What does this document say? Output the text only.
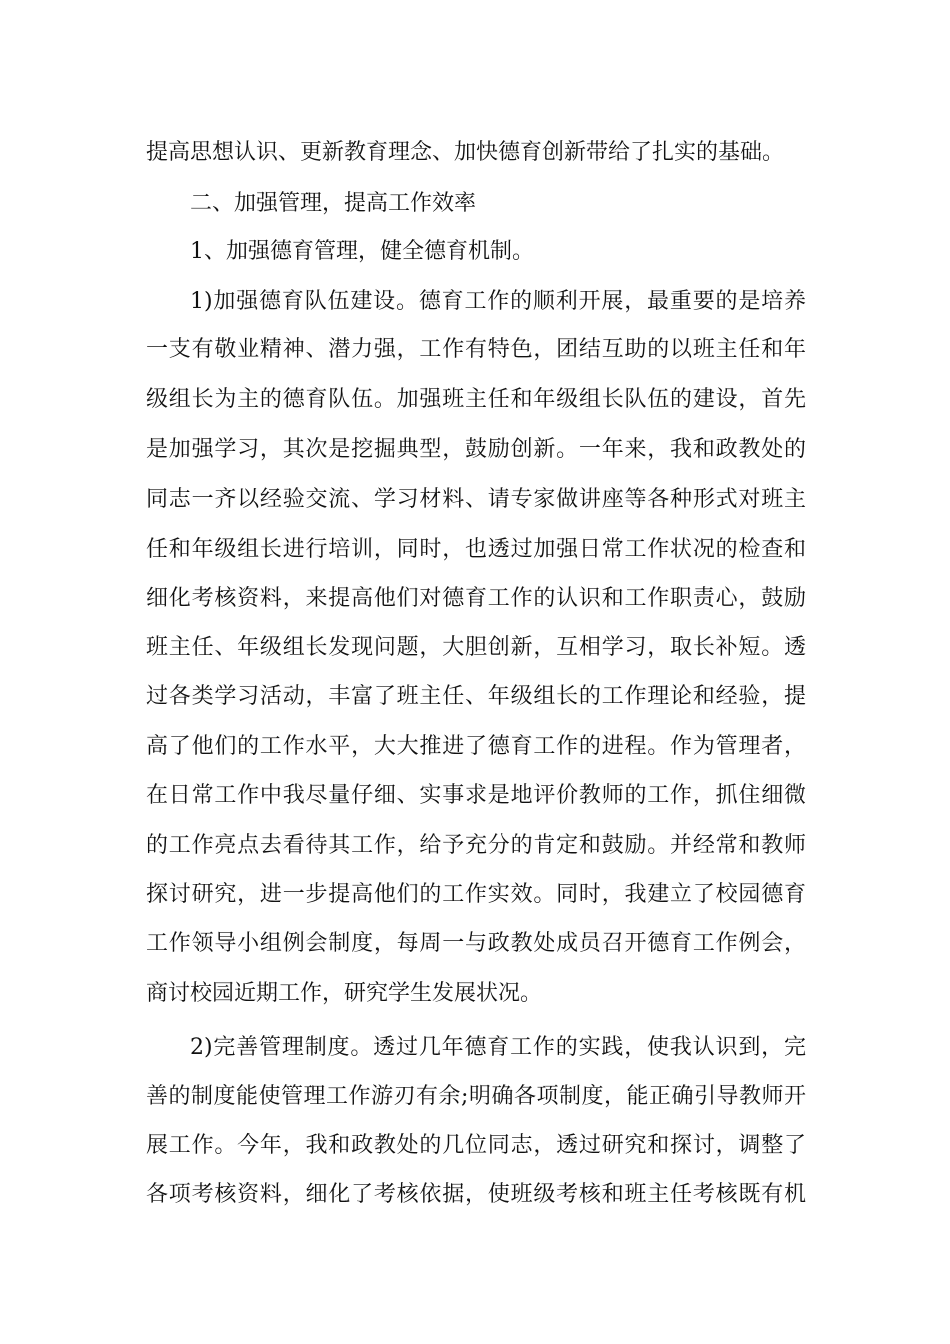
提高思想认识、更新教育理念、加快德育创新带给了扎实的基础。
二、加强管理，提高工作效率
1、加强德育管理，健全德育机制。
1)加强德育队伍建设。德育工作的顺利开展，最重要的是培养
一支有敬业精神、潜力强，工作有特色，团结互助的以班主任和年
级组长为主的德育队伍。加强班主任和年级组长队伍的建设，首先
是加强学习，其次是挖掘典型，鼓励创新。一年来，我和政教处的
同志一齐以经验交流、学习材料、请专家做讲座等各种形式对班主
任和年级组长进行培训，同时，也透过加强日常工作状况的检查和
细化考核资料，来提高他们对德育工作的认识和工作职责心，鼓励
班主任、年级组长发现问题，大胆创新，互相学习，取长补短。透
过各类学习活动，丰富了班主任、年级组长的工作理论和经验，提
高了他们的工作水平，大大推进了德育工作的进程。作为管理者，
在日常工作中我尽量仔细、实事求是地评价教师的工作，抓住细微
的工作亮点去看待其工作，给予充分的肯定和鼓励。并经常和教师
探讨研究，进一步提高他们的工作实效。同时，我建立了校园德育
工作领导小组例会制度，每周一与政教处成员召开德育工作例会，
商讨校园近期工作，研究学生发展状况。
2)完善管理制度。透过几年德育工作的实践，使我认识到，完
善的制度能使管理工作游刃有余;明确各项制度，能正确引导教师开
展工作。今年，我和政教处的几位同志，透过研究和探讨，调整了
各项考核资料，细化了考核依据，使班级考核和班主任考核既有机
